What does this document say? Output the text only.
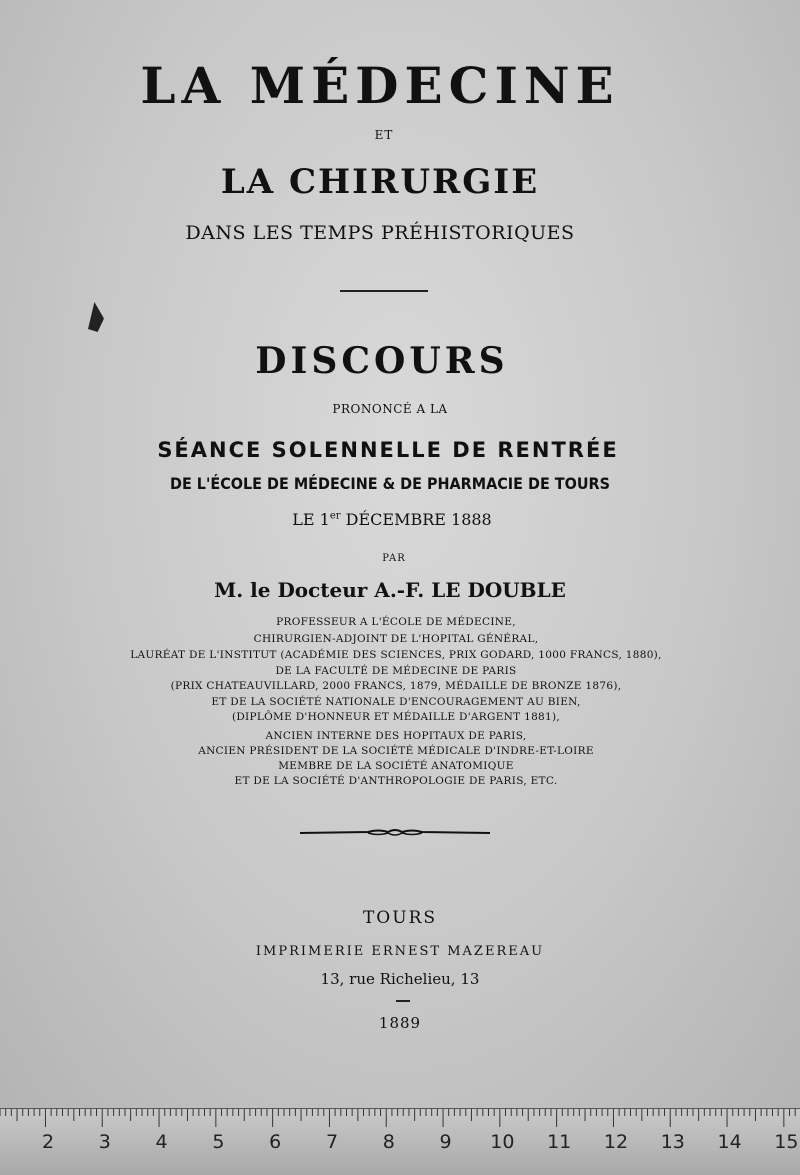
LA MÉDECINE
ET
LA CHIRURGIE
DANS LES TEMPS PRÉHISTORIQUES
DISCOURS
PRONONCÉ A LA
SÉANCE SOLENNELLE DE RENTRÉE
DE L'ÉCOLE DE MÉDECINE & DE PHARMACIE DE TOURS
LE 1er DÉCEMBRE 1888
PAR
M. le Docteur A.-F. LE DOUBLE
PROFESSEUR A L'ÉCOLE DE MÉDECINE,
CHIRURGIEN-ADJOINT DE L'HOPITAL GÉNÉRAL,
LAURÉAT DE L'INSTITUT (ACADÉMIE DES SCIENCES, PRIX GODARD, 1000 FRANCS, 1880),
DE LA FACULTÉ DE MÉDECINE DE PARIS
(PRIX CHATEAUVILLARD, 2000 FRANCS, 1879, MÉDAILLE DE BRONZE 1876),
ET DE LA SOCIÉTÉ NATIONALE D'ENCOURAGEMENT AU BIEN,
(DIPLÔME D'HONNEUR ET MÉDAILLE D'ARGENT 1881),
ANCIEN INTERNE DES HOPITAUX DE PARIS,
ANCIEN PRÉSIDENT DE LA SOCIÉTÉ MÉDICALE D'INDRE-ET-LOIRE
MEMBRE DE LA SOCIÉTÉ ANATOMIQUE
ET DE LA SOCIÉTÉ D'ANTHROPOLOGIE DE PARIS, ETC.
TOURS
IMPRIMERIE ERNEST MAZEREAU
13, rue Richelieu, 13
1889
2 3 4 5 6 7 8 9 10 11 12 13 14 15
